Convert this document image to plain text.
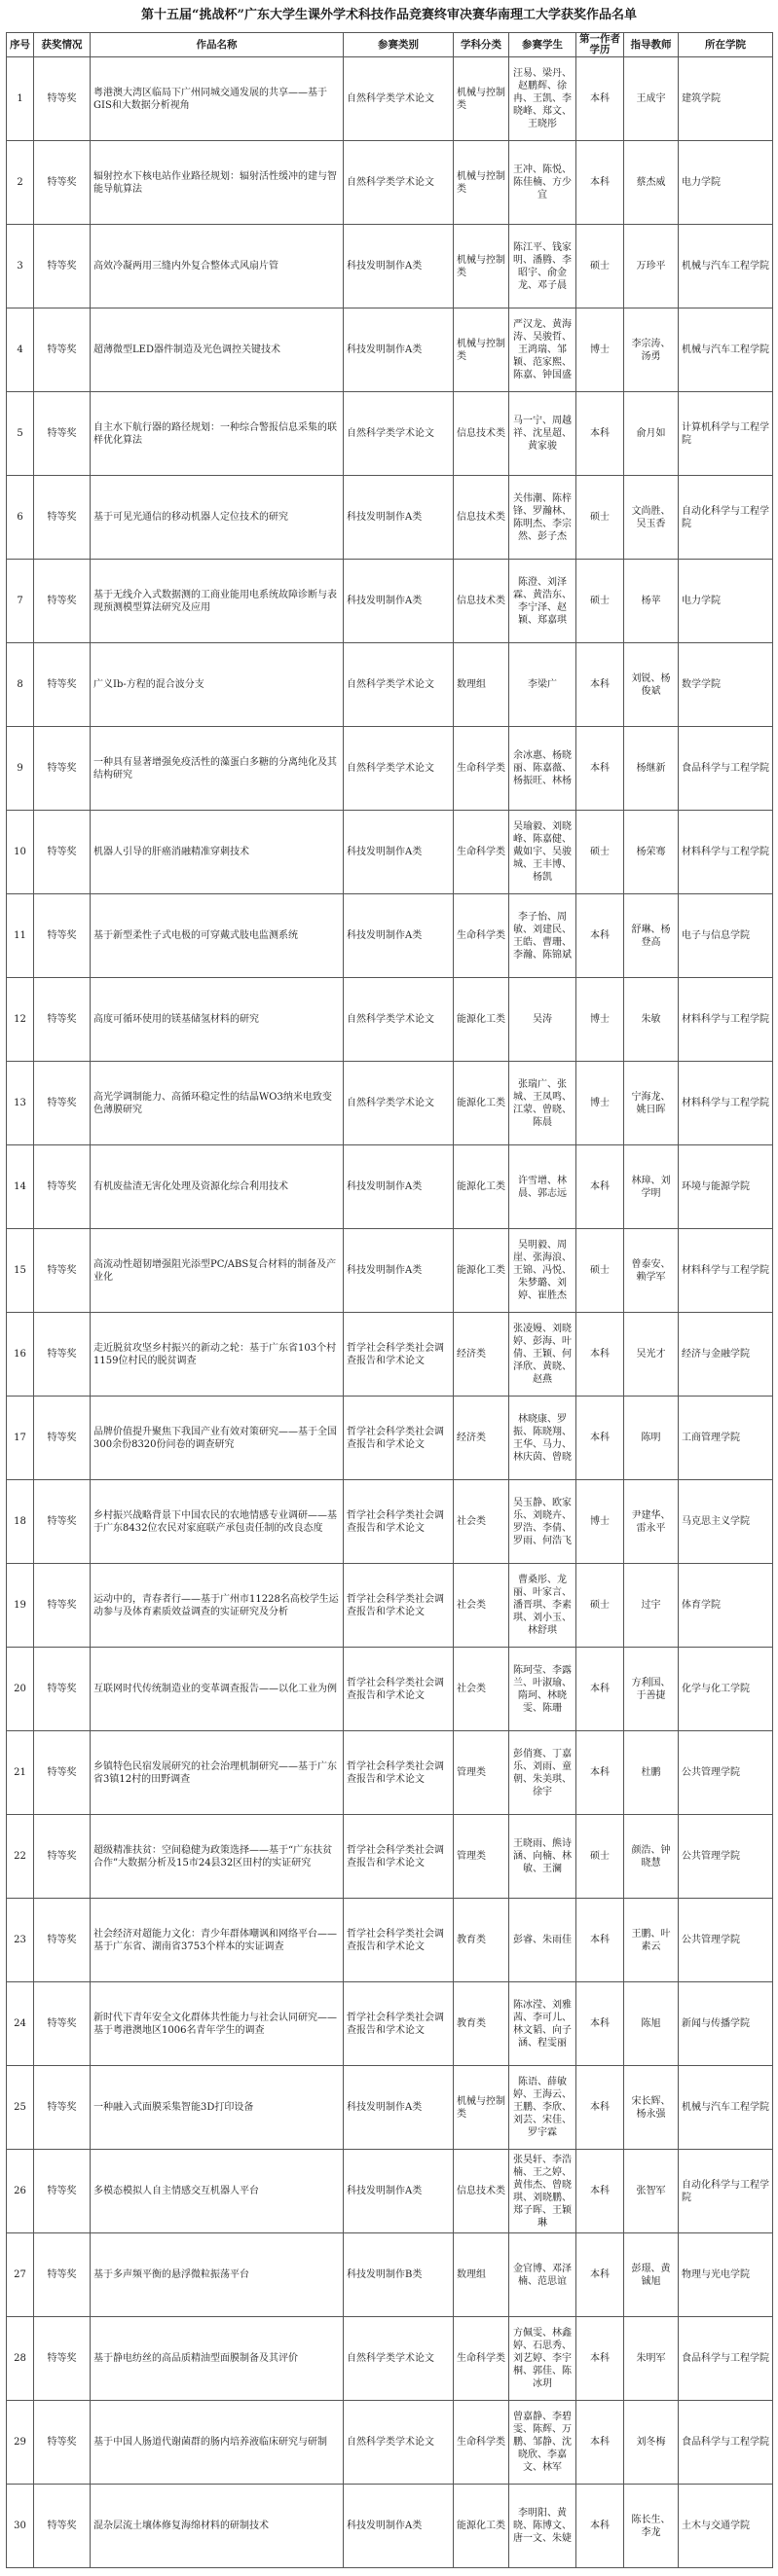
第十五届“挑战杯”广东大学生课外学术科技作品竞赛终审决赛华南理工大学获奖作品名单
序号	获奖情况	作品名称	参赛类别	学科分类	参赛学生	第一作者学历	指导教师	所在学院
1	特等奖	粤港澳大湾区临局下广州同城交通发展的共享——基于GIS和大数据分析视角	自然科学类学术论文	机械与控制类	汪易、梁丹、赵鹏辉、徐冉、王凯、李晓峰、郑文、王晓彤	本科	王成宇	建筑学院
2	特等奖	辐射控水下核电站作业路径规划：辐射活性缓冲的建与智能导航算法	自然科学类学术论文	机械与控制类	王冲、陈悦、陈佳楠、方少宜	本科	蔡杰威	电力学院
3	特等奖	高效冷凝两用三缝内外复合整体式风扇片管	科技发明制作A类	机械与控制类	陈江平、钱家明、潘腾、李昭宇、俞金龙、邓子晨	硕士	万珍平	机械与汽车工程学院
4	特等奖	超薄微型LED器件制造及光色调控关键技术	科技发明制作A类	机械与控制类	严汉龙、黄海涛、吴骏哲、王鸿瑞、邹颖、范家熙、陈嘉、钟国盛	博士	李宗涛、汤勇	机械与汽车工程学院
5	特等奖	自主水下航行器的路径规划：一种综合警报信息采集的联样优化算法	自然科学类学术论文	信息技术类	马一宁、周越祥、沈星超、黄家骏	本科	俞月如	计算机科学与工程学院
6	特等奖	基于可见光通信的移动机器人定位技术的研究	科技发明制作A类	信息技术类	关伟潮、陈梓锋、罗瀚林、陈明杰、李宗然、彭子杰	硕士	文尚胜、吴玉香	自动化科学与工程学院
7	特等奖	基于无线介入式数据测的工商业能用电系统故障诊断与表现预测模型算法研究及应用	科技发明制作A类	信息技术类	陈澄、刘泽霖、黄浩东、李宁泽、赵颖、郑嘉琪	硕士	杨苹	电力学院
8	特等奖	广义Ib-方程的混合波分支	自然科学类学术论文	数理组	李梁广	本科	刘锐、杨俊斌	数学学院
9	特等奖	一种具有显著增强免疫活性的藻蛋白多糖的分离纯化及其结构研究	自然科学类学术论文	生命科学类	余冰惠、杨晓丽、陈嘉薇、杨振旺、林杨	本科	杨继新	食品科学与工程学院
10	特等奖	机器人引导的肝癌消融精准穿刺技术	科技发明制作A类	生命科学类	吴瑜毅、刘晓峰、陈嘉健、戴如宇、吴骏城、王丰博、杨凯	硕士	杨荣骞	材料科学与工程学院
11	特等奖	基于新型柔性子式电极的可穿戴式肢电监测系统	科技发明制作A类	生命科学类	李子怡、周敏、刘建民、王皓、曹珊、李瀚、陈锦斌	本科	舒琳、杨登高	电子与信息学院
12	特等奖	高度可循环使用的镁基储氢材料的研究	自然科学类学术论文	能源化工类	吴涛	博士	朱敏	材料科学与工程学院
13	特等奖	高光学调制能力、高循环稳定性的结晶WO3纳米电致变色薄膜研究	自然科学类学术论文	能源化工类	张瑞广、张城、王凤鸣、江蒙、曾晓、陈晨	博士	宁海龙、姚日晖	材料科学与工程学院
14	特等奖	有机废盐渣无害化处理及资源化综合利用技术	科技发明制作A类	能源化工类	许雪增、林晨、郭志远	本科	林璋、刘学明	环境与能源学院
15	特等奖	高流动性超韧增强阻光添型PC/ABS复合材料的制备及产业化	科技发明制作A类	能源化工类	吴明毅、周崖、张海浪、王锦、冯悦、朱梦璐、刘婷、崔胜杰	硕士	曾泰安、赖学军	材料科学与工程学院
16	特等奖	走近脱贫攻坚乡村振兴的新动之轮：基于广东省103个村1159位村民的脱贫调查	哲学社会科学类社会调查报告和学术论文	经济类	张凌嫚、刘晓婷、彭海、叶倩、王颖、何泽欣、黄晓、赵燕	本科	吴光才	经济与金融学院
17	特等奖	品牌价值提升聚焦下我国产业有效对策研究——基于全国300余份8320份问卷的调查研究	哲学社会科学类社会调查报告和学术论文	经济类	林晓康、罗振、陈晓翔、王华、马力、林庆茵、曾晓	本科	陈明	工商管理学院
18	特等奖	乡村振兴战略背景下中国农民的农地情感专业调研——基于广东8432位农民对家庭联产承包责任制的改良态度	哲学社会科学类社会调查报告和学术论文	社会类	吴玉静、欧家乐、刘晓卉、罗浩、李倩、罗雨、何浩飞	博士	尹建华、雷永平	马克思主义学院
19	特等奖	运动中的，青春者行——基于广州市11228名高校学生运动参与及体育素质效益调查的实证研究及分析	哲学社会科学类社会调查报告和学术论文	社会类	曹桑彤、龙丽、叶家言、潘晋琪、李素琪、刘小玉、林舒琪	硕士	过宇	体育学院
20	特等奖	互联网时代传统制造业的变革调查报告——以化工业为例	哲学社会科学类社会调查报告和学术论文	社会类	陈珂莹、李露兰、叶淑瑜、隋珂、林晓雯、陈珊	本科	方利国、于善捷	化学与化工学院
21	特等奖	乡镇特色民宿发展研究的社会治理机制研究——基于广东省3镇12村的田野调查	哲学社会科学类社会调查报告和学术论文	管理类	彭俏赛、丁嘉乐、刘雨、童朝、朱美琪、徐宇	本科	杜鹏	公共管理学院
22	特等奖	超级精准扶贫：空间稳健为政策选择——基于“广东扶贫合作”大数据分析及15市24县32区田村的实证研究	哲学社会科学类社会调查报告和学术论文	管理类	王晓雨、熊诗涵、向楠、林敏、王澜	硕士	颜浩、钟晓慧	公共管理学院
23	特等奖	社会经济对超能力文化：青少年群体嘲讽和网络平台——基于广东省、湖南省3753个样本的实证调查	哲学社会科学类社会调查报告和学术论文	教育类	彭睿、朱雨佳	本科	王鹏、叶素云	公共管理学院
24	特等奖	新时代下青年安全文化群体共性能力与社会认同研究——基于粤港澳地区1006名青年学生的调查	哲学社会科学类社会调查报告和学术论文	教育类	陈冰滢、刘雅茜、李可儿、林文韬、向子涵、程雯丽	本科	陈旭	新闻与传播学院
25	特等奖	一种融入式面膜采集智能3D打印设备	科技发明制作A类	机械与控制类	陈语、薛敏婷、王海云、王鹏、李欣、刘芸、宋佳、罗宇霖	本科	宋长辉、杨永强	机械与汽车工程学院
26	特等奖	多模态模拟人自主情感交互机器人平台	科技发明制作A类	信息技术类	张昊轩、李浩楠、王之婷、黄伟杰、曾晓琪、刘晓鹏、郑子晖、王颖琳	本科	张智军	自动化科学与工程学院
27	特等奖	基于多声频平衡的悬浮微粒振荡平台	科技发明制作B类	数理组	金官博、邓泽楠、范思谊	本科	彭璟、黄铖旭	物理与光电学院
28	特等奖	基于静电纺丝的高品质精油型面膜制备及其评价	自然科学类学术论文	生命科学类	方佩雯、林鑫婷、石思秀、刘艺婷、李宇桐、郭佳、陈冰玥	本科	朱明军	食品科学与工程学院
29	特等奖	基于中国人肠道代谢菌群的肠内培养液临床研究与研制	自然科学类学术论文	生命科学类	曾嘉静、李碧雯、陈辉、万鹏、邹静、沈晓欣、李嘉文、林军	本科	刘冬梅	食品科学与工程学院
30	特等奖	混杂层流土壤体修复海绵材料的研制技术	科技发明制作A类	能源化工类	李明阳、黄晓、陈博文、唐一文、朱婕	本科	陈长生、李龙	土木与交通学院
